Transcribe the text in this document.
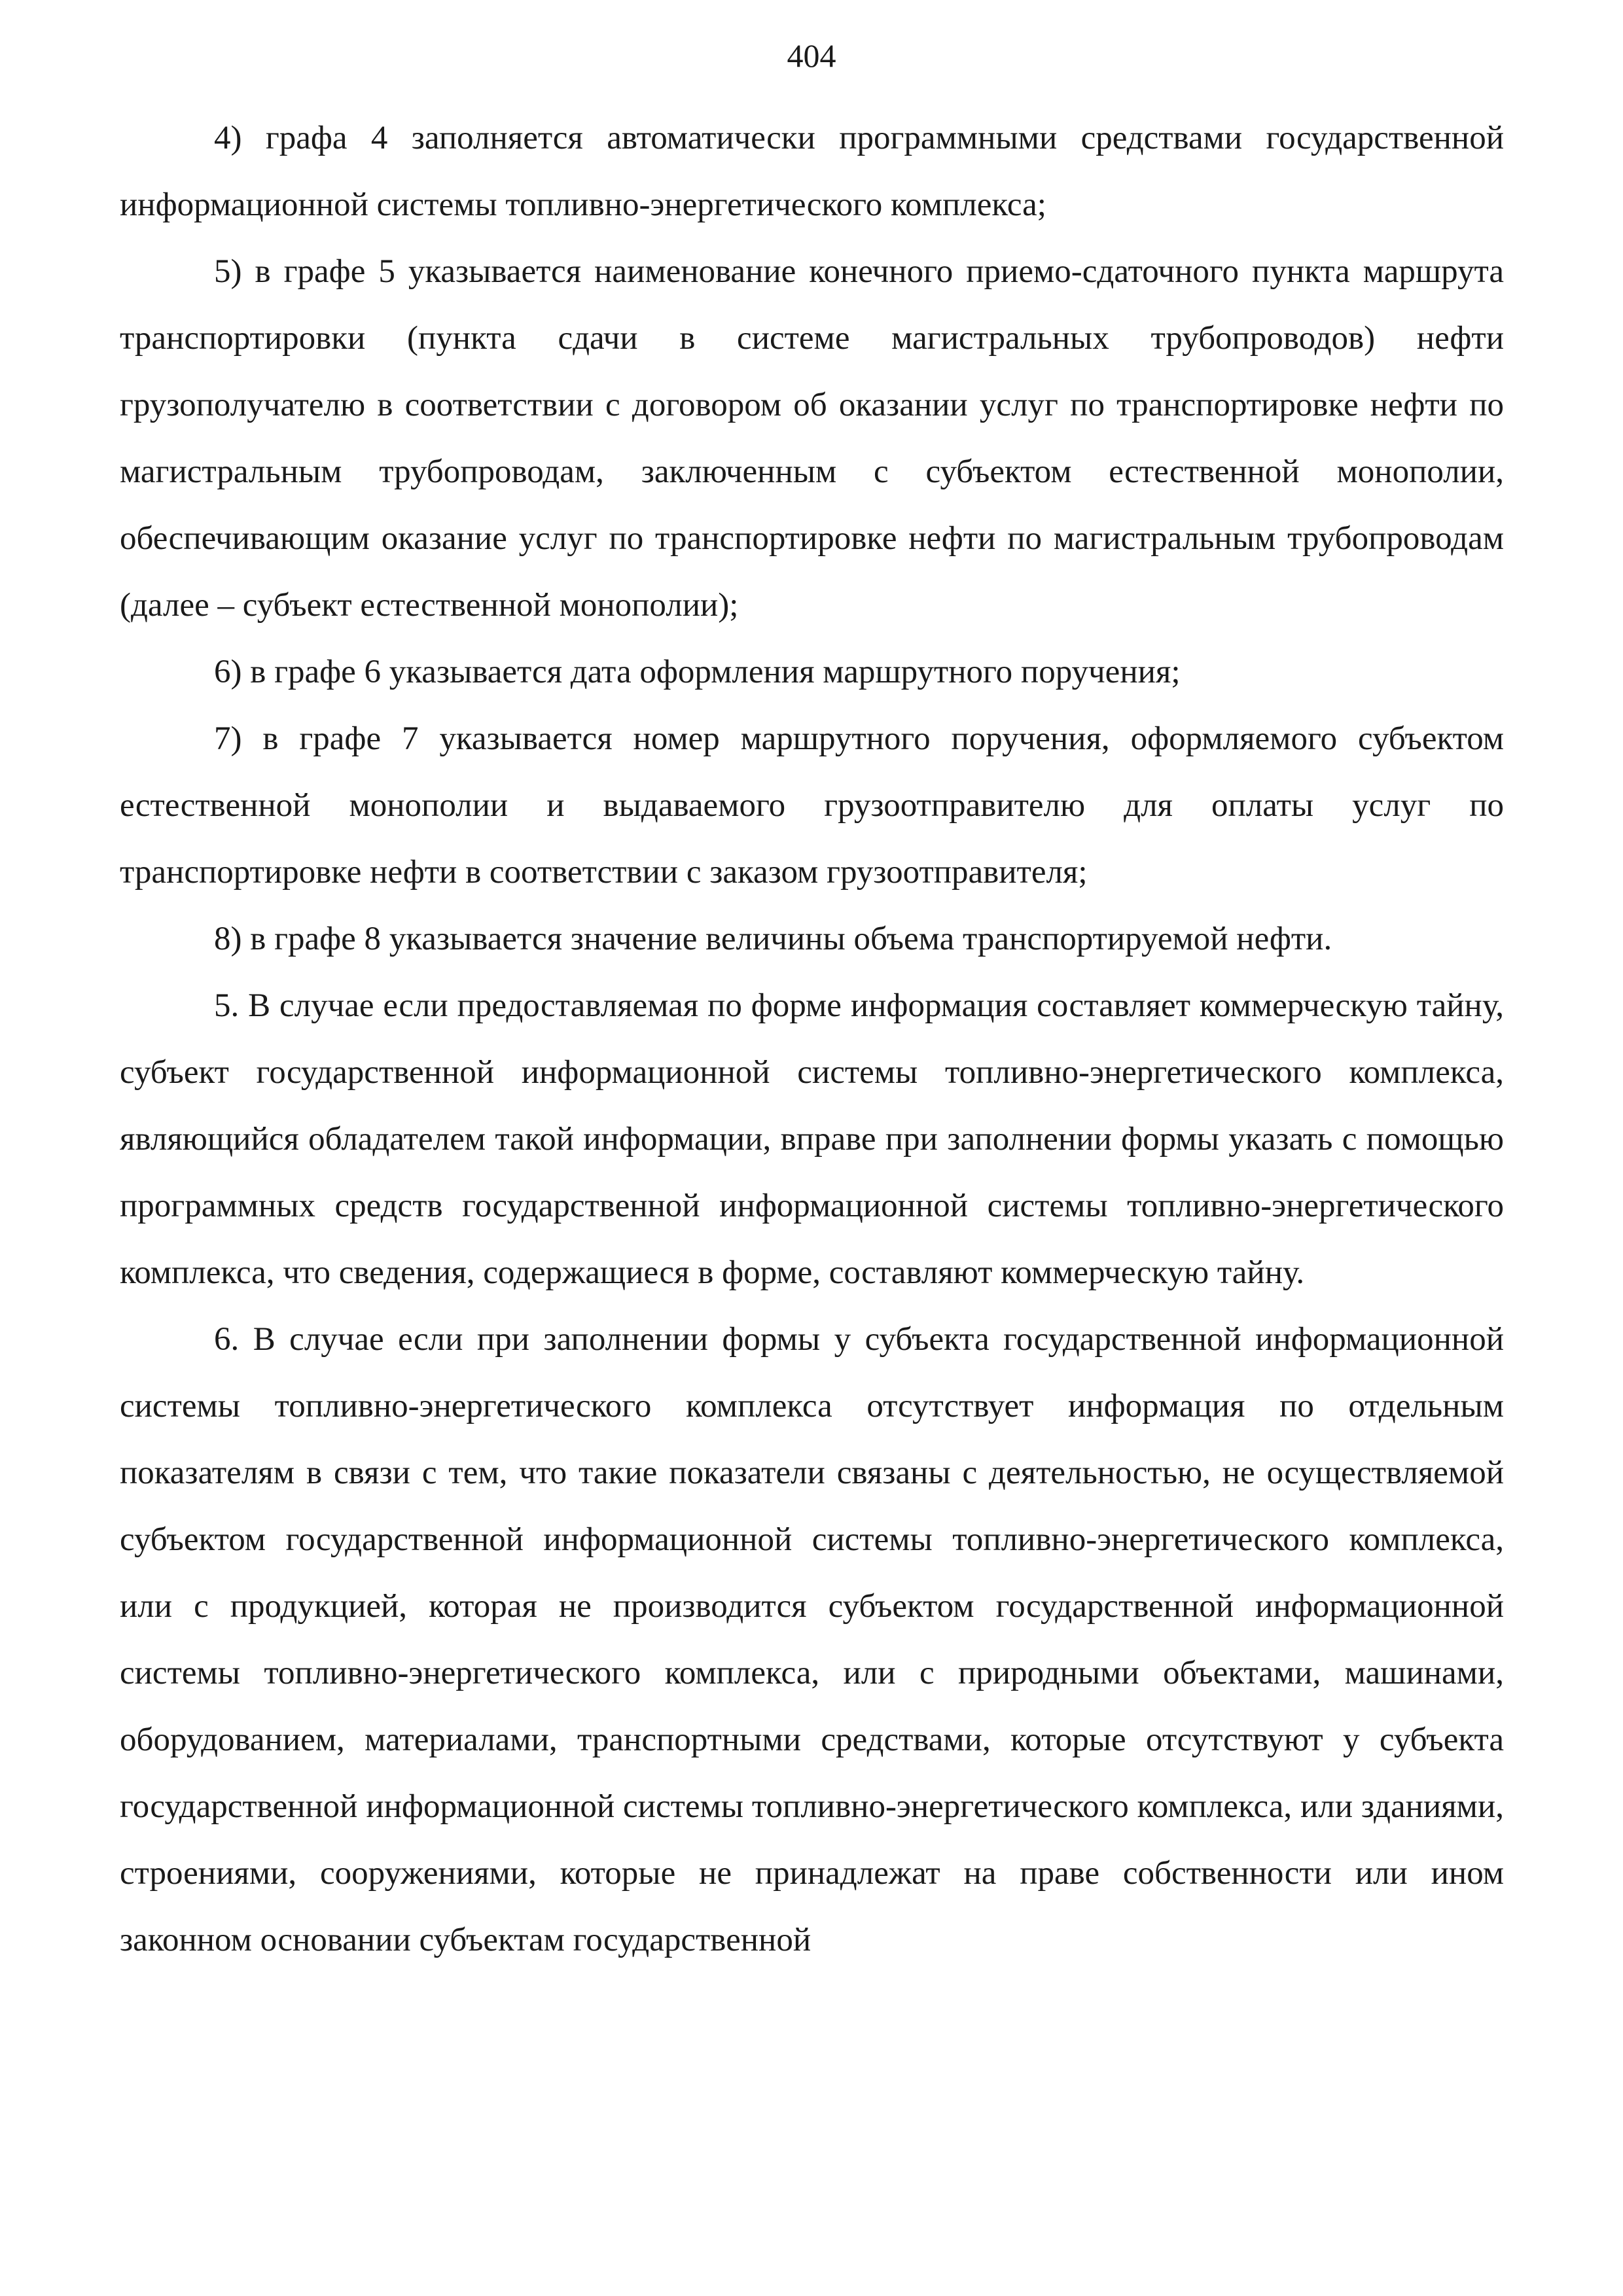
404

4) графа 4 заполняется автоматически программными средствами государственной информационной системы топливно-энергетического комплекса;

5) в графе 5 указывается наименование конечного приемо-сдаточного пункта маршрута транспортировки (пункта сдачи в системе магистральных трубопроводов) нефти грузополучателю в соответствии с договором об оказании услуг по транспортировке нефти по магистральным трубопроводам, заключенным с субъектом естественной монополии, обеспечивающим оказание услуг по транспортировке нефти по магистральным трубопроводам (далее – субъект естественной монополии);

6) в графе 6 указывается дата оформления маршрутного поручения;

7) в графе 7 указывается номер маршрутного поручения, оформляемого субъектом естественной монополии и выдаваемого грузоотправителю для оплаты услуг по транспортировке нефти в соответствии с заказом грузоотправителя;

8) в графе 8 указывается значение величины объема транспортируемой нефти.

5. В случае если предоставляемая по форме информация составляет коммерческую тайну, субъект государственной информационной системы топливно-энергетического комплекса, являющийся обладателем такой информации, вправе при заполнении формы указать с помощью программных средств государственной информационной системы топливно-энергетического комплекса, что сведения, содержащиеся в форме, составляют коммерческую тайну.

6. В случае если при заполнении формы у субъекта государственной информационной системы топливно-энергетического комплекса отсутствует информация по отдельным показателям в связи с тем, что такие показатели связаны с деятельностью, не осуществляемой субъектом государственной информационной системы топливно-энергетического комплекса, или с продукцией, которая не производится субъектом государственной информационной системы топливно-энергетического комплекса, или с природными объектами, машинами, оборудованием, материалами, транспортными средствами, которые отсутствуют у субъекта государственной информационной системы топливно-энергетического комплекса, или зданиями, строениями, сооружениями, которые не принадлежат на праве собственности или ином законном основании субъектам государственной
